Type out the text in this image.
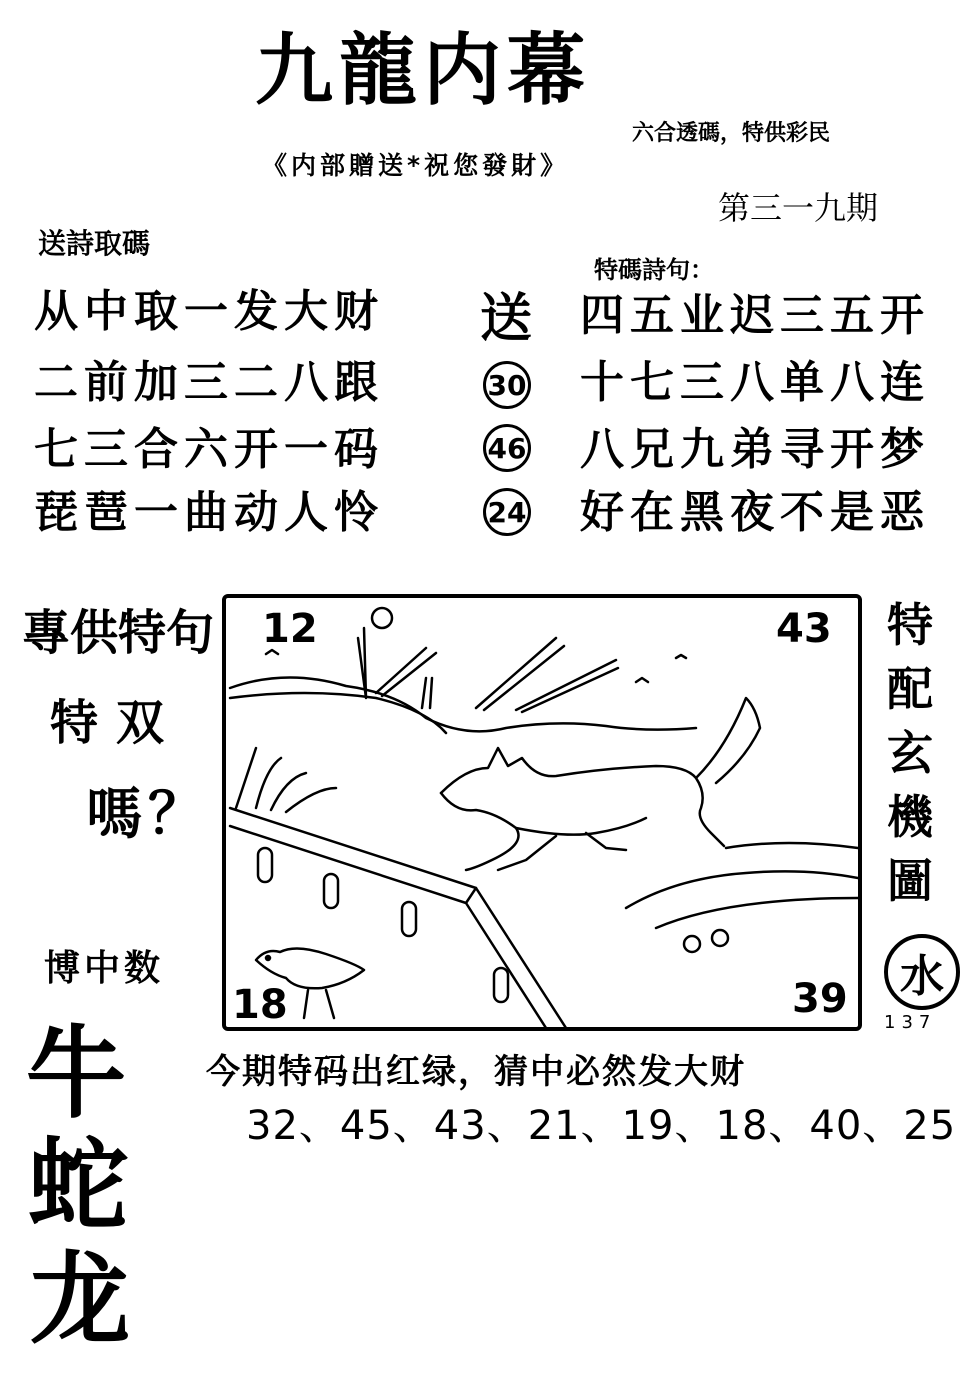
九龍内幕
六合透碼，特供彩民
《内部贈送*祝您發財》
第三一九期
送詩取碼
从中取一发大财
二前加三二八跟
七三合六开一码
琵琶一曲动人怜
送
30
46
24
特碼詩句：
四五业迟三五开
十七三八单八连
八兄九弟寻开梦
好在黑夜不是恶
專供特句
特双
嗎？
博中数
牛
蛇
龙
12	43
18	39
特
配
玄
機
圖
水
137
今期特码出红绿，猜中必然发大财
32、45、43、21、19、18、40、25
